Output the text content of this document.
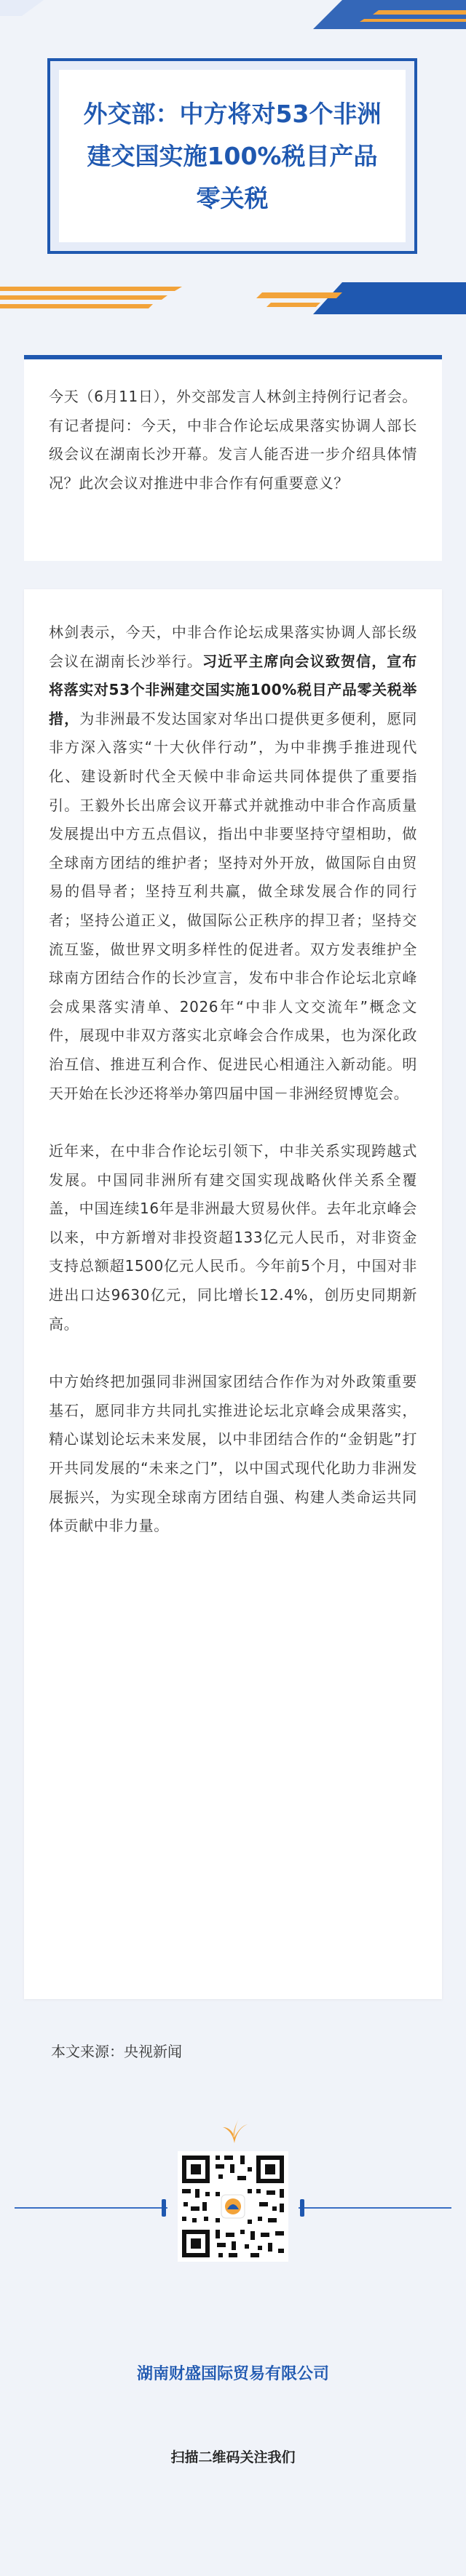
外交部：中方将对53个非洲建交国实施100%税目产品零关税

今天（6月11日），外交部发言人林剑主持例行记者会。有记者提问：今天，中非合作论坛成果落实协调人部长级会议在湖南长沙开幕。发言人能否进一步介绍具体情况？此次会议对推进中非合作有何重要意义？

林剑表示，今天，中非合作论坛成果落实协调人部长级会议在湖南长沙举行。习近平主席向会议致贺信，宣布将落实对53个非洲建交国实施100%税目产品零关税举措，为非洲最不发达国家对华出口提供更多便利，愿同非方深入落实“十大伙伴行动”，为中非携手推进现代化、建设新时代全天候中非命运共同体提供了重要指引。王毅外长出席会议开幕式并就推动中非合作高质量发展提出中方五点倡议，指出中非要坚持守望相助，做全球南方团结的维护者；坚持对外开放，做国际自由贸易的倡导者；坚持互利共赢，做全球发展合作的同行者；坚持公道正义，做国际公正秩序的捍卫者；坚持交流互鉴，做世界文明多样性的促进者。双方发表维护全球南方团结合作的长沙宣言，发布中非合作论坛北京峰会成果落实清单、2026年“中非人文交流年”概念文件，展现中非双方落实北京峰会合作成果，也为深化政治互信、推进互利合作、促进民心相通注入新动能。明天开始在长沙还将举办第四届中国－非洲经贸博览会。

近年来，在中非合作论坛引领下，中非关系实现跨越式发展。中国同非洲所有建交国实现战略伙伴关系全覆盖，中国连续16年是非洲最大贸易伙伴。去年北京峰会以来，中方新增对非投资超133亿元人民币，对非资金支持总额超1500亿元人民币。今年前5个月，中国对非进出口达9630亿元，同比增长12.4%，创历史同期新高。

中方始终把加强同非洲国家团结合作作为对外政策重要基石，愿同非方共同扎实推进论坛北京峰会成果落实，精心谋划论坛未来发展，以中非团结合作的“金钥匙”打开共同发展的“未来之门”，以中国式现代化助力非洲发展振兴，为实现全球南方团结自强、构建人类命运共同体贡献中非力量。

本文来源：央视新闻
湖南财盛国际贸易有限公司
扫描二维码关注我们
